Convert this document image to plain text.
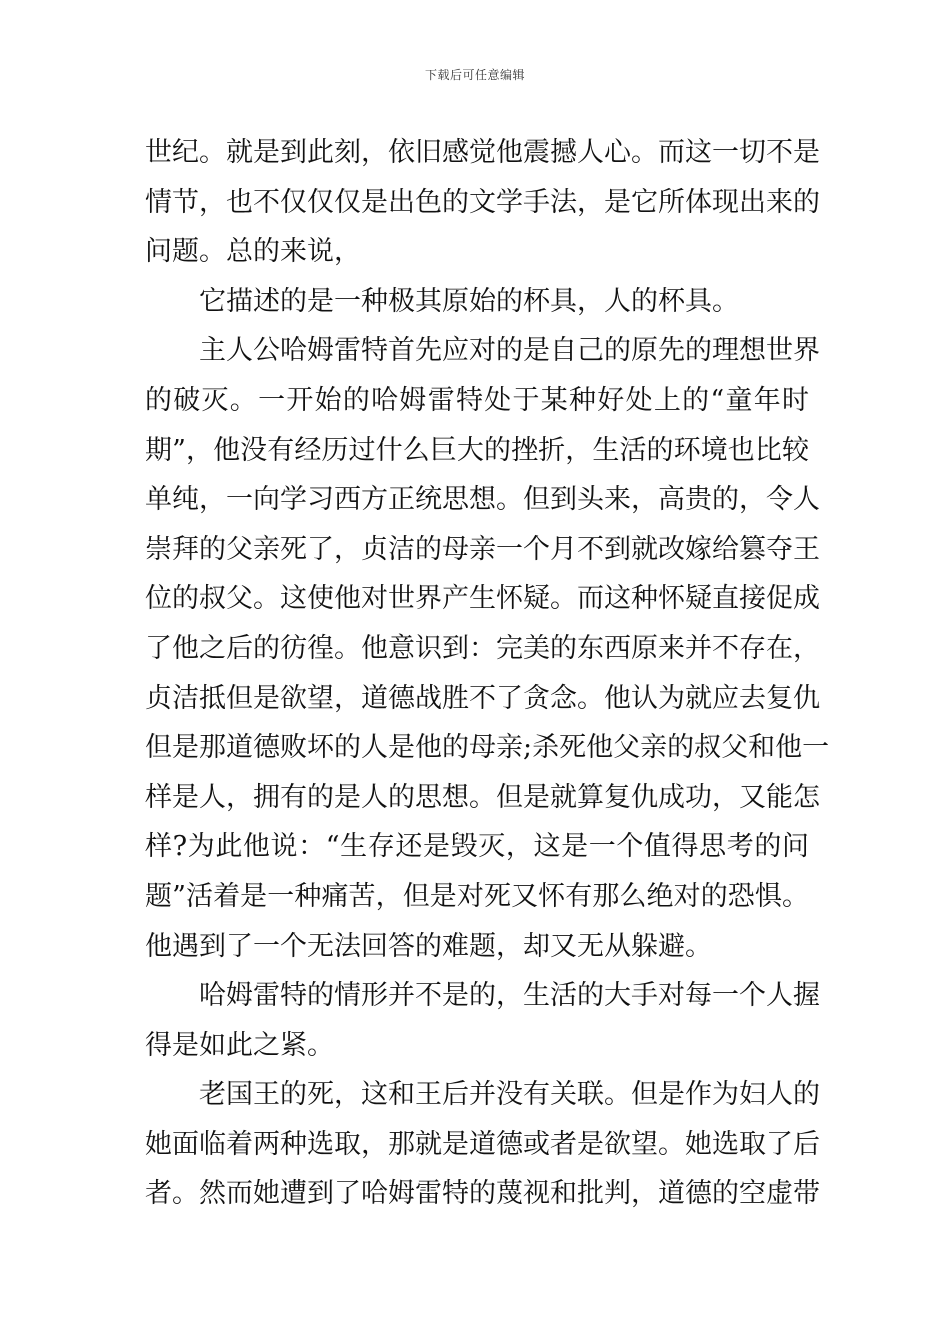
下载后可任意编辑
世纪。就是到此刻，依旧感觉他震撼人心。而这一切不是
情节，也不仅仅仅是出色的文学手法，是它所体现出来的
问题。总的来说，
它描述的是一种极其原始的杯具，人的杯具。
主人公哈姆雷特首先应对的是自己的原先的理想世界
的破灭。一开始的哈姆雷特处于某种好处上的“童年时
期”，他没有经历过什么巨大的挫折，生活的环境也比较
单纯，一向学习西方正统思想。但到头来，高贵的，令人
崇拜的父亲死了，贞洁的母亲一个月不到就改嫁给篡夺王
位的叔父。这使他对世界产生怀疑。而这种怀疑直接促成
了他之后的彷徨。他意识到：完美的东西原来并不存在，
贞洁抵但是欲望，道德战胜不了贪念。他认为就应去复仇
但是那道德败坏的人是他的母亲;杀死他父亲的叔父和他一
样是人，拥有的是人的思想。但是就算复仇成功，又能怎
样?为此他说：“生存还是毁灭，这是一个值得思考的问
题”活着是一种痛苦，但是对死又怀有那么绝对的恐惧。
他遇到了一个无法回答的难题，却又无从躲避。
哈姆雷特的情形并不是的，生活的大手对每一个人握
得是如此之紧。
老国王的死，这和王后并没有关联。但是作为妇人的
她面临着两种选取，那就是道德或者是欲望。她选取了后
者。然而她遭到了哈姆雷特的蔑视和批判，道德的空虚带
